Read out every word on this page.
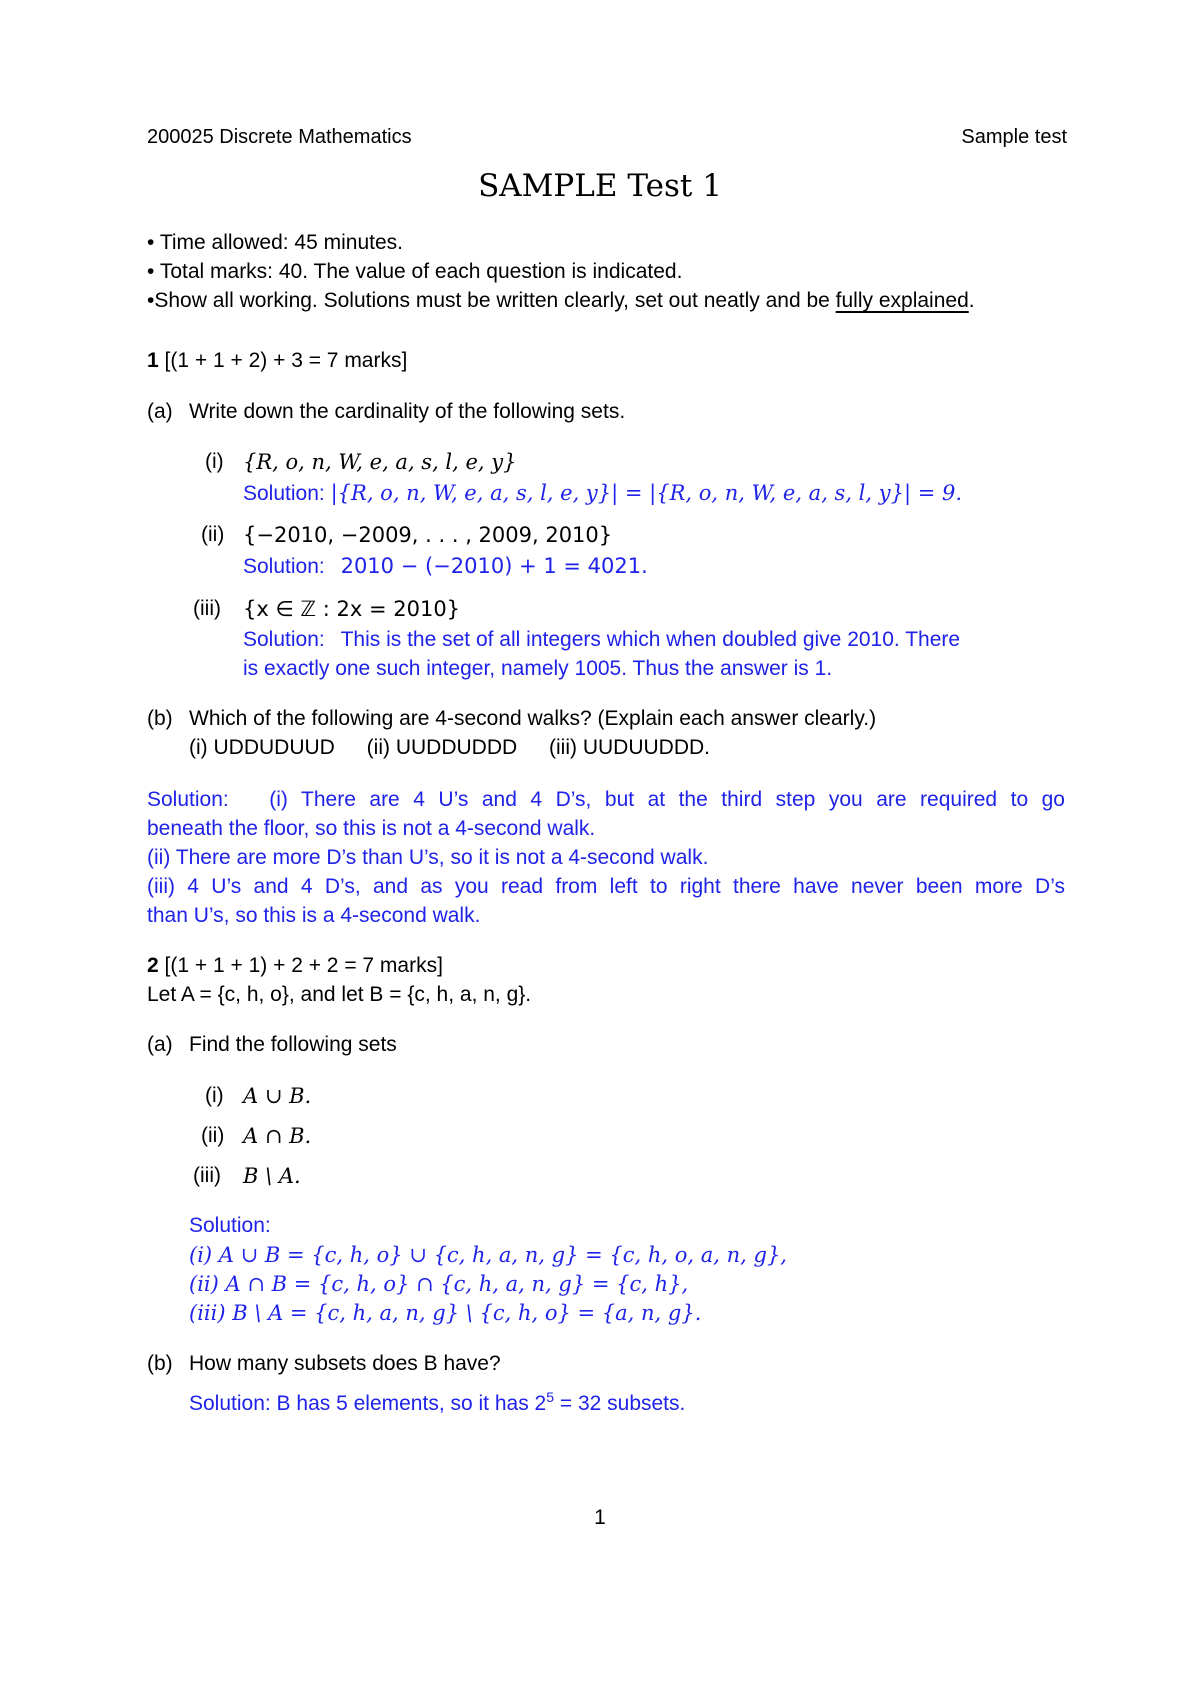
200025 Discrete Mathematics	Sample test
SAMPLE Test 1
• Time allowed: 45 minutes.
• Total marks: 40. The value of each question is indicated.
•Show all working. Solutions must be written clearly, set out neatly and be fully explained.
1 [(1 + 1 + 2) + 3 = 7 marks]
(a) Write down the cardinality of the following sets.
(i) {R, o, n, W, e, a, s, l, e, y}
Solution: |{R, o, n, W, e, a, s, l, e, y}| = |{R, o, n, W, e, a, s, l, y}| = 9.
(ii) {−2010, −2009, . . . , 2009, 2010}
Solution: 2010 − (−2010) + 1 = 4021.
(iii) {x ∈ ℤ : 2x = 2010}
Solution: This is the set of all integers which when doubled give 2010. There
is exactly one such integer, namely 1005. Thus the answer is 1.
(b) Which of the following are 4-second walks? (Explain each answer clearly.)
(i) UDDUDUUD (ii) UUDDUDDD (iii) UUDUUDDD.
Solution: (i) There are 4 U’s and 4 D’s, but at the third step you are required to go
beneath the floor, so this is not a 4-second walk.
(ii) There are more D’s than U’s, so it is not a 4-second walk.
(iii) 4 U’s and 4 D’s, and as you read from left to right there have never been more D’s
than U’s, so this is a 4-second walk.
2 [(1 + 1 + 1) + 2 + 2 = 7 marks]
Let A = {c, h, o}, and let B = {c, h, a, n, g}.
(a) Find the following sets
(i) A ∪ B.
(ii) A ∩ B.
(iii) B \ A.
Solution:
(i) A ∪ B = {c, h, o} ∪ {c, h, a, n, g} = {c, h, o, a, n, g},
(ii) A ∩ B = {c, h, o} ∩ {c, h, a, n, g} = {c, h},
(iii) B \ A = {c, h, a, n, g} \ {c, h, o} = {a, n, g}.
(b) How many subsets does B have?
Solution: B has 5 elements, so it has $2^5 = 32$ subsets.
1
